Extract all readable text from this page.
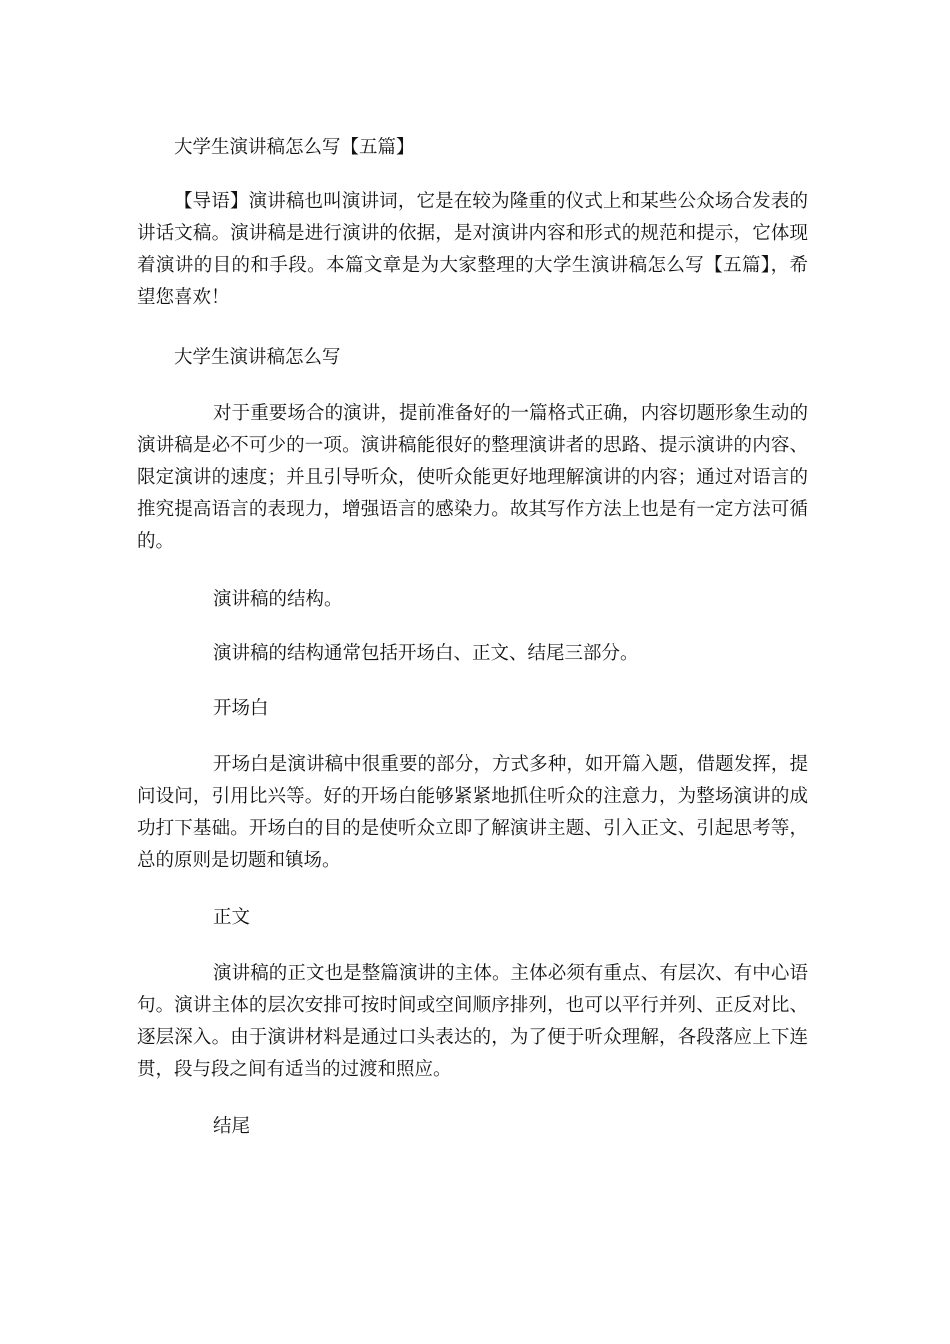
大学生演讲稿怎么写【五篇】

【导语】演讲稿也叫演讲词，它是在较为隆重的仪式上和某些公众场合发表的讲话文稿。演讲稿是进行演讲的依据，是对演讲内容和形式的规范和提示，它体现着演讲的目的和手段。本篇文章是为大家整理的大学生演讲稿怎么写【五篇】，希望您喜欢！

大学生演讲稿怎么写

对于重要场合的演讲，提前准备好的一篇格式正确，内容切题形象生动的演讲稿是必不可少的一项。演讲稿能很好的整理演讲者的思路、提示演讲的内容、限定演讲的速度；并且引导听众，使听众能更好地理解演讲的内容；通过对语言的推究提高语言的表现力，增强语言的感染力。故其写作方法上也是有一定方法可循的。

演讲稿的结构。

演讲稿的结构通常包括开场白、正文、结尾三部分。

开场白

开场白是演讲稿中很重要的部分，方式多种，如开篇入题，借题发挥，提问设问，引用比兴等。好的开场白能够紧紧地抓住听众的注意力，为整场演讲的成功打下基础。开场白的目的是使听众立即了解演讲主题、引入正文、引起思考等，总的原则是切题和镇场。

正文

演讲稿的正文也是整篇演讲的主体。主体必须有重点、有层次、有中心语句。演讲主体的层次安排可按时间或空间顺序排列，也可以平行并列、正反对比、逐层深入。由于演讲材料是通过口头表达的，为了便于听众理解，各段落应上下连贯，段与段之间有适当的过渡和照应。

结尾
